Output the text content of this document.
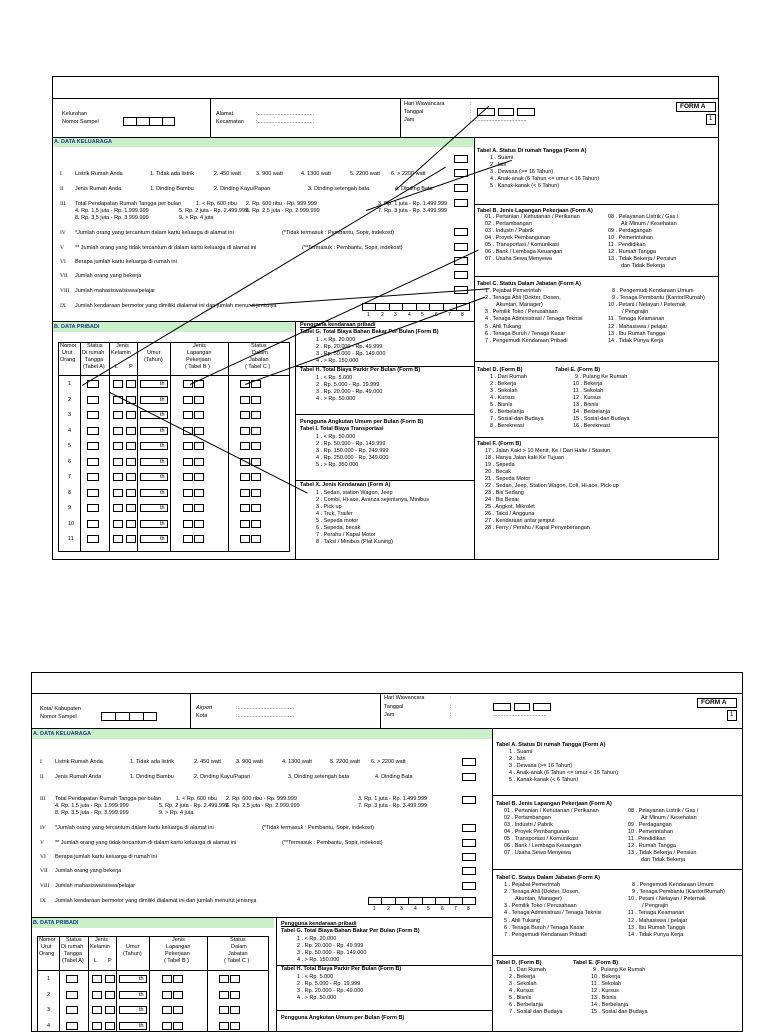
Kelurahan
Nomor Sampel
Alamat
Kecamatan
:.....................................
:.....................................
Hari Wawancara
Tanggal
Jam
:
:
: ...................................
FORM A
1
A. DATA KELUARAGA
I Listrik Rumah Anda	1. Tidak ada listrik	2. 450 watt	3. 900 watt	4. 1300 watt	5. 2200 watt 6. > 2200 watt
II Jenis Rumah Anda	1. Dinding Bambu	2. Dinding Kayu/Papan	3. Dinding setengah bata	4. Dinding Bata
III Total Pendapatan Rumah Tangga per bulan	1. < Rp. 600 ribu 2. Rp. 600 ribu - Rp. 999.999	3. Rp. 1 juta - Rp. 1.499.999
4. Rp. 1,5 juta - Rp. 1.999.999	5. Rp. 2 juta - Rp. 2.499.999
6. Rp. 2,5 juta - Rp. 2.999.999	7. Rp. 3 juta - Rp. 3.499.999
8. Rp. 3,5 juta - Rp. 3.999.999	9. > Rp. 4 juta
IV *Jumlah orang yang tercantum dalam kartu keluarga di alamat ini	(*Tidak termasuk : Pembantu, Sopir, indekost)
V ** Jumlah orang yang tidak tercantum di dalam kartu keluarga di alamat ini	(**Termasuk : Pembantu, Sopir, indekost)
VI Berapa jumlah kartu keluarga di rumah ini
VII Jumlah orang yang bekerja
VIII Jumlah mahasiswa/siswa/pelajar
IX Jumlah kendaraan bermotor yang dimiliki dialamat ini dan jumlah menurut jenisnya
1 2 3 4 5 6 7 8
B. DATA PRIBADI
Nomor
Urut
Orang
Status
Di rumah
Tangga
(Tabel A)
Jenis
Kelamin
L P
Umur
(Tahun)
Jenis
Lapangan
Pekerjaan
( Tabel B )
Status
Dalam
Jabatan
( Tabel C )
1	th
2	th
3	th
4	th
5	th
6	th
7	th
8	th
9	th
10	th
11	th
Pengguna kendaraan pribadi
Tabel G. Total Biaya Bahan Bakar Per Bulan (Form B)
1 . < Rp. 20.000
2 . Rp. 20.000 - Rp. 49.999
3 . Rp. 50.000 - Rp. 149.000
4 . > Rp. 150.000
Tabel H. Total Biaya Parkir Per Bulan (Form B)
1 . < Rp. 5.000
2 . Rp. 5.000 - Rp. 19.999
3 . Rp. 20.000 - Rp. 49.000
4 . > Rp. 50.000
Pengguna Angkutan Umum per Bulan (Form B)
Tabel I. Total Biaya Transportasi
1 . < Rp. 50.000
2 . Rp. 50.000 - Rp. 149.999
3 . Rp. 150.000 - Rp. 249.999
4 . Rp. 250.000 - Rp. 349.000
5 . > Rp. 350.000
Tabel X. Jenis Kendaraan (Form A)
1 . Sedan, station Wagon, Jeep
2 . Combi, Hi-ace, Avanza sejenisnya, Minibus
3 . Pick up
4 . Truk, Trailer
5 . Sepeda motor
6 . Sepeda, becak
7 . Perahu / Kapal Motor
8 . Taksi / Minibus (Plat Kuning)
Tabel A. Status Di rumah Tangga (Form A)
1 . Suami
2 . Istri
3 . Dewasa (>= 16 Tahun)
4 . Anak-anak (6 Tahun <= umur < 16 Tahun)
5 . Kanak-kanak (< 6 Tahun)
Tabel B. Jenis Lapangan Pekerjaan (Form A)
01 . Pertanian / Kehutanan / Perikanan
02 . Pertambangan
03 . Industri / Pabrik
04 . Proyek Pembangunan
05 . Transportasi / Komunikasi
06 . Bank / Lembaga Keuangan
07 . Usaha Sewa Menyewa
08 . Pelayanan Listrik / Gas /
Air Minum / Kesehatan
09 . Perdagangan
10 . Pemerintahan
11 . Pendidikan
12 . Rumah Tangga
13 . Tidak Bekerja / Pensiun
dan Tidak Bekerja
Tabel C. Status Dalam Jabatan (Form A)
1 . Pejabat Pemerintah
2 . Tenaga Ahli (Dokter, Dosen,
Akuntan, Manager)
3 . Pemilik Toko / Perusahaan
4 . Tenaga Administrasi / Tenaga Teknisi
5 . Ahli Tukang
6 . Tenaga Buruh / Tenaga Kasar
7 . Pengemudi Kendaraan Pribadi
8 . Pengemudi Kendaraan Umum
9 . Tenaga Pembantu (Kantor/Rumah)
10 . Petani / Nelayan / Peternak
/ Pengrajin
11 . Tenaga Keamanan
12 . Mahasiswa / pelajar
13 . Ibu Rumah Tangga
14 . Tidak Punya Kerja
Tabel D. (Form B)	Tabel E. (Form B)
1 . Dari Rumah
2 . Bekerja
3 . Sekolah
4 . Kursus
5 . Bisnis
6 . Berbelanja
7 . Sosial dan Budaya
8 . Berekreasi
9 . Pulang Ke Rumah
10 . Bekerja
11 . Sekolah
12 . Kursus
13 . Bisnis
14 . Berbelanja
15 . Sosial dan Budaya
16 . Berekreasi
Tabel F. (Form B)
17 . Jalan Kaki > 10 Menit, Ke / Dari Halte / Stasiun
18 . Hanya Jalan kaki Ke Tujuan
19 . Sepeda
20 . Becak
21 . Sepeda Motor
22 . Sedan, Jeep, Station Wagon, Colt, Hi-ace, Pick-up
23 . Bis Sedang
24 . Bis Besar
25 . Angkot, Mikrolet
26 . Taksi / Angguna
27 . Kendaraan antar jemput
28 . Ferry / Perahu / Kapal Penyeberangan
Kota/ Kabupaten
Nomor Sampel
Airport
Kota
:.....................................
:.....................................
Hari Wawancara
Tanggal
Jam
:
:
:	...................................
FORM A
1
A. DATA KELUARAGA
I Listrik Rumah Anda	1. Tidak ada listrik	2. 450 watt	3. 900 watt	4. 1300 watt	5. 2200 watt 6. > 2200 watt
II Jenis Rumah Anda	1. Dinding Bambu	2. Dinding Kayu/Papan	3. Dinding setengah bata	4. Dinding Bata
III Total Pendapatan Rumah Tangga per bulan	1. < Rp. 600 ribu 2. Rp. 600 ribu - Rp. 999.999	3. Rp. 1 juta - Rp. 1.499.999
4. Rp. 1,5 juta - Rp. 1.999.999	5. Rp. 2 juta - Rp. 2.499.999
6. Rp. 2,5 juta - Rp. 2.999.999	7. Rp. 3 juta - Rp. 3.499.999
8. Rp. 3,5 juta - Rp. 3.999.999	9. > Rp. 4 juta
IV *Jumlah orang yang tercantum dalam kartu keluarga di alamat ini	(*Tidak termasuk : Pembantu, Sopir, indekost)
V ** Jumlah orang yang tidak tercantum di dalam kartu keluarga di alamat ini	(**Termasuk : Pembantu, Sopir, indekost)
VI Berapa jumlah kartu keluarga di rumah ini
VII Jumlah orang yang bekerja
VIII Jumlah mahasiswa/siswa/pelajar
IX Jumlah kendaraan bermotor yang dimiliki dialamat ini dan jumlah menurut jenisnya
1 2 3 4 5 6 7 8
B. DATA PRIBADI
Nomor
Urut
Orang
Status
Di rumah
Tangga
(Tabel A)
Jenis
Kelamin
L P
Umur
(Tahun)
Jenis
Lapangan
Pekerjaan
( Tabel B )
Status
Dalam
Jabatan
( Tabel C )
1	th
2	th
3	th
4	th
Pengguna kendaraan pribadi
Tabel G. Total Biaya Bahan Bakar Per Bulan (Form B)
1 . < Rp. 20.000
2 . Rp. 20.000 - Rp. 49.999
3 . Rp. 50.000 - Rp. 149.000
4 . > Rp. 150.000
Tabel H. Total Biaya Parkir Per Bulan (Form B)
1 . < Rp. 5.000
2 . Rp. 5.000 - Rp. 19.999
3 . Rp. 20.000 - Rp. 49.000
4 . > Rp. 50.000
Pengguna Angkutan Umum per Bulan (Form B)
Tabel A. Status Di rumah Tangga (Form A)
1 . Suami
2 . Istri
3 . Dewasa (>= 16 Tahun)
4 . Anak-anak (6 Tahun <= umur < 16 Tahun)
5 . Kanak-kanak (< 6 Tahun)
Tabel B. Jenis Lapangan Pekerjaan (Form A)
01 . Pertanian / Kehutanan / Perikanan
02 . Pertambangan
03 . Industri / Pabrik
04 . Proyek Pembangunan
05 . Transportasi / Komunikasi
06 . Bank / Lembaga Keuangan
07 . Usaha Sewa Menyewa
08 . Pelayanan Listrik / Gas /
Air Minum / Kesehatan
09 . Perdagangan
10 . Pemerintahan
11 . Pendidikan
12 . Rumah Tangga
13 . Tidak Bekerja / Pensiun
dan Tidak Bekerja
Tabel C. Status Dalam Jabatan (Form A)
1 . Pejabat Pemerintah
2 . Tenaga Ahli (Dokter, Dosen,
Akuntan, Manager)
3 . Pemilik Toko / Perusahaan
4 . Tenaga Administrasi / Tenaga Teknisi
5 . Ahli Tukang
6 . Tenaga Buruh / Tenaga Kasar
7 . Pengemudi Kendaraan Pribadi
8 . Pengemudi Kendaraan Umum
9 . Tenaga Pembantu (Kantor/Rumah)
10 . Petani / Nelayan / Peternak
/ Pengrajin
11 . Tenaga Keamanan
12 . Mahasiswa / pelajar
13 . Ibu Rumah Tangga
14 . Tidak Punya Kerja
Tabel D. (Form B)	Tabel E. (Form B)
1 . Dari Rumah
2 . Bekerja
3 . Sekolah
4 . Kursus
5 . Bisnis
6 . Berbelanja
7 . Sosial dan Budaya
9 . Pulang Ke Rumah
10 . Bekerja
11 . Sekolah
12 . Kursus
13 . Bisnis
14 . Berbelanja
15 . Sosial dan Budaya
